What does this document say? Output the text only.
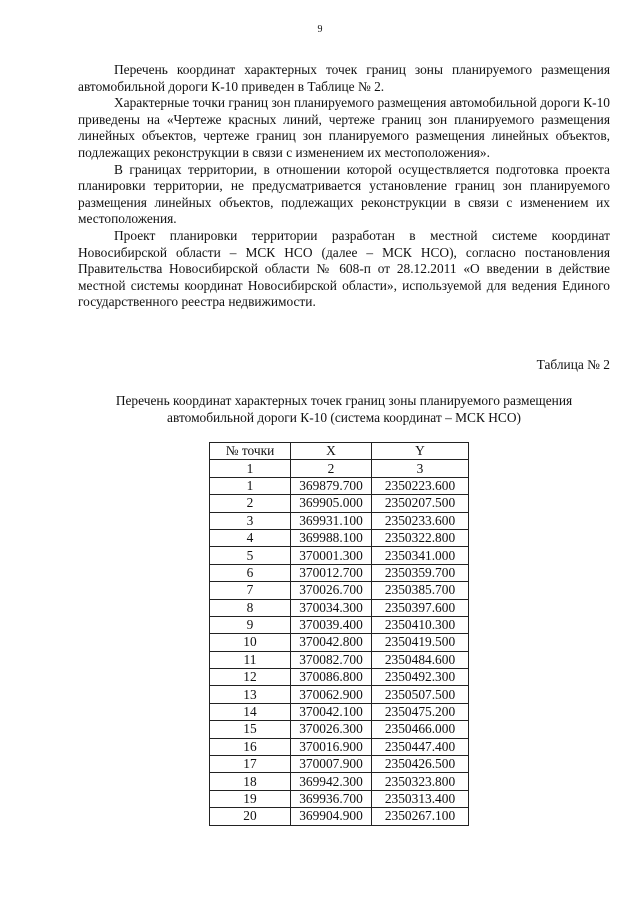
9

Перечень координат характерных точек границ зоны планируемого размещения автомобильной дороги К-10 приведен в Таблице № 2.

Характерные точки границ зон планируемого размещения автомобильной дороги К-10 приведены на «Чертеже красных линий, чертеже границ зон планируемого размещения линейных объектов, чертеже границ зон планируемого размещения линейных объектов, подлежащих реконструкции в связи с изменением их местоположения».

В границах территории, в отношении которой осуществляется подготовка проекта планировки территории, не предусматривается установление границ зон планируемого размещения линейных объектов, подлежащих реконструкции в связи с изменением их местоположения.

Проект планировки территории разработан в местной системе координат Новосибирской области – МСК НСО (далее – МСК НСО), согласно постановления Правительства Новосибирской области № 608-п от 28.12.2011 «О введении в действие местной системы координат Новосибирской области», используемой для ведения Единого государственного реестра недвижимости.

Таблица № 2
Перечень координат характерных точек границ зоны планируемого размещения автомобильной дороги К-10 (система координат – МСК НСО)
№ точки	X	Y
1	2	3
1	369879.700	2350223.600
2	369905.000	2350207.500
3	369931.100	2350233.600
4	369988.100	2350322.800
5	370001.300	2350341.000
6	370012.700	2350359.700
7	370026.700	2350385.700
8	370034.300	2350397.600
9	370039.400	2350410.300
10	370042.800	2350419.500
11	370082.700	2350484.600
12	370086.800	2350492.300
13	370062.900	2350507.500
14	370042.100	2350475.200
15	370026.300	2350466.000
16	370016.900	2350447.400
17	370007.900	2350426.500
18	369942.300	2350323.800
19	369936.700	2350313.400
20	369904.900	2350267.100
